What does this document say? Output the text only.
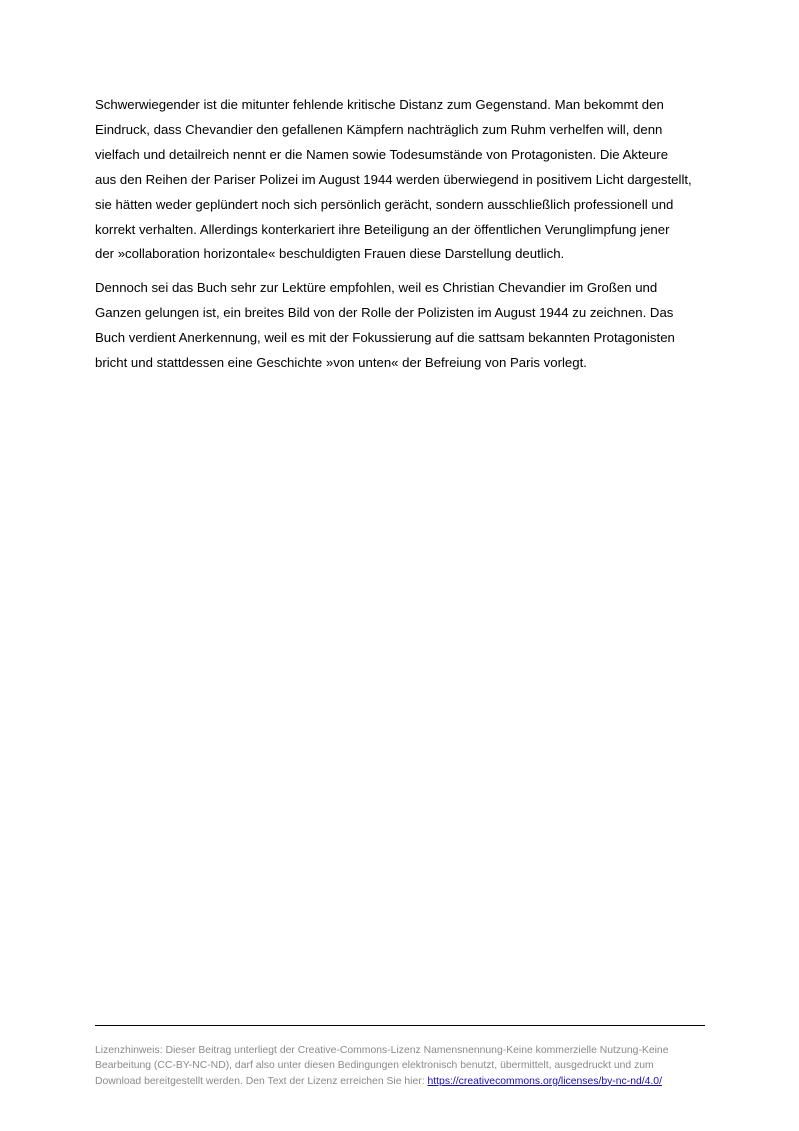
Schwerwiegender ist die mitunter fehlende kritische Distanz zum Gegenstand. Man bekommt den
Eindruck, dass Chevandier den gefallenen Kämpfern nachträglich zum Ruhm verhelfen will, denn
vielfach und detailreich nennt er die Namen sowie Todesumstände von Protagonisten. Die Akteure
aus den Reihen der Pariser Polizei im August 1944 werden überwiegend in positivem Licht dargestellt,
sie hätten weder geplündert noch sich persönlich gerächt, sondern ausschließlich professionell und
korrekt verhalten. Allerdings konterkariert ihre Beteiligung an der öffentlichen Verunglimpfung jener
der »collaboration horizontale« beschuldigten Frauen diese Darstellung deutlich.

Dennoch sei das Buch sehr zur Lektüre empfohlen, weil es Christian Chevandier im Großen und
Ganzen gelungen ist, ein breites Bild von der Rolle der Polizisten im August 1944 zu zeichnen. Das
Buch verdient Anerkennung, weil es mit der Fokussierung auf die sattsam bekannten Protagonisten
bricht und stattdessen eine Geschichte »von unten« der Befreiung von Paris vorlegt.

Lizenzhinweis: Dieser Beitrag unterliegt der Creative-Commons-Lizenz Namensnennung-Keine kommerzielle Nutzung-Keine
Bearbeitung (CC-BY-NC-ND), darf also unter diesen Bedingungen elektronisch benutzt, übermittelt, ausgedruckt und zum
Download bereitgestellt werden. Den Text der Lizenz erreichen Sie hier: https://creativecommons.org/licenses/by-nc-nd/4.0/
